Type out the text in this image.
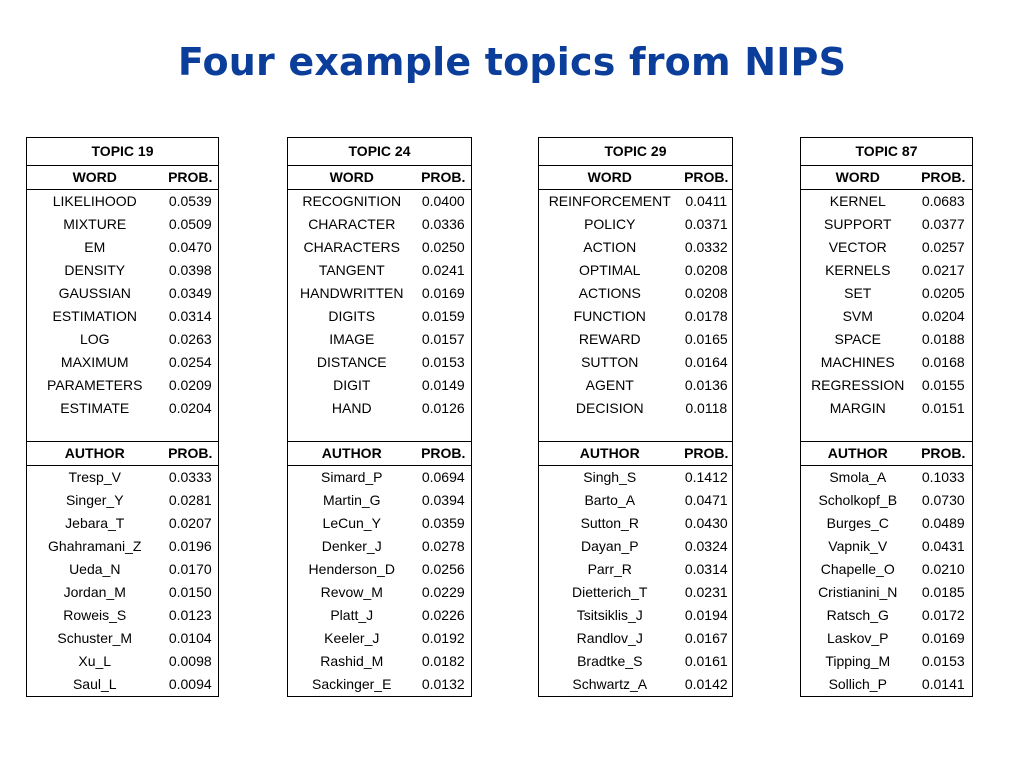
Four example topics from NIPS
TOPIC 19	
WORD	PROB.
LIKELIHOOD	0.0539
MIXTURE	0.0509
EM	0.0470
DENSITY	0.0398
GAUSSIAN	0.0349
ESTIMATION	0.0314
LOG	0.0263
MAXIMUM	0.0254
PARAMETERS	0.0209
ESTIMATE	0.0204

AUTHOR	PROB.
Tresp_V	0.0333
Singer_Y	0.0281
Jebara_T	0.0207
Ghahramani_Z	0.0196
Ueda_N	0.0170
Jordan_M	0.0150
Roweis_S	0.0123
Schuster_M	0.0104
Xu_L	0.0098
Saul_L	0.0094
TOPIC 24	
WORD	PROB.
RECOGNITION	0.0400
CHARACTER	0.0336
CHARACTERS	0.0250
TANGENT	0.0241
HANDWRITTEN	0.0169
DIGITS	0.0159
IMAGE	0.0157
DISTANCE	0.0153
DIGIT	0.0149
HAND	0.0126

AUTHOR	PROB.
Simard_P	0.0694
Martin_G	0.0394
LeCun_Y	0.0359
Denker_J	0.0278
Henderson_D	0.0256
Revow_M	0.0229
Platt_J	0.0226
Keeler_J	0.0192
Rashid_M	0.0182
Sackinger_E	0.0132
TOPIC 29	
WORD	PROB.
REINFORCEMENT	0.0411
POLICY	0.0371
ACTION	0.0332
OPTIMAL	0.0208
ACTIONS	0.0208
FUNCTION	0.0178
REWARD	0.0165
SUTTON	0.0164
AGENT	0.0136
DECISION	0.0118

AUTHOR	PROB.
Singh_S	0.1412
Barto_A	0.0471
Sutton_R	0.0430
Dayan_P	0.0324
Parr_R	0.0314
Dietterich_T	0.0231
Tsitsiklis_J	0.0194
Randlov_J	0.0167
Bradtke_S	0.0161
Schwartz_A	0.0142
TOPIC 87	
WORD	PROB.
KERNEL	0.0683
SUPPORT	0.0377
VECTOR	0.0257
KERNELS	0.0217
SET	0.0205
SVM	0.0204
SPACE	0.0188
MACHINES	0.0168
REGRESSION	0.0155
MARGIN	0.0151

AUTHOR	PROB.
Smola_A	0.1033
Scholkopf_B	0.0730
Burges_C	0.0489
Vapnik_V	0.0431
Chapelle_O	0.0210
Cristianini_N	0.0185
Ratsch_G	0.0172
Laskov_P	0.0169
Tipping_M	0.0153
Sollich_P	0.0141
